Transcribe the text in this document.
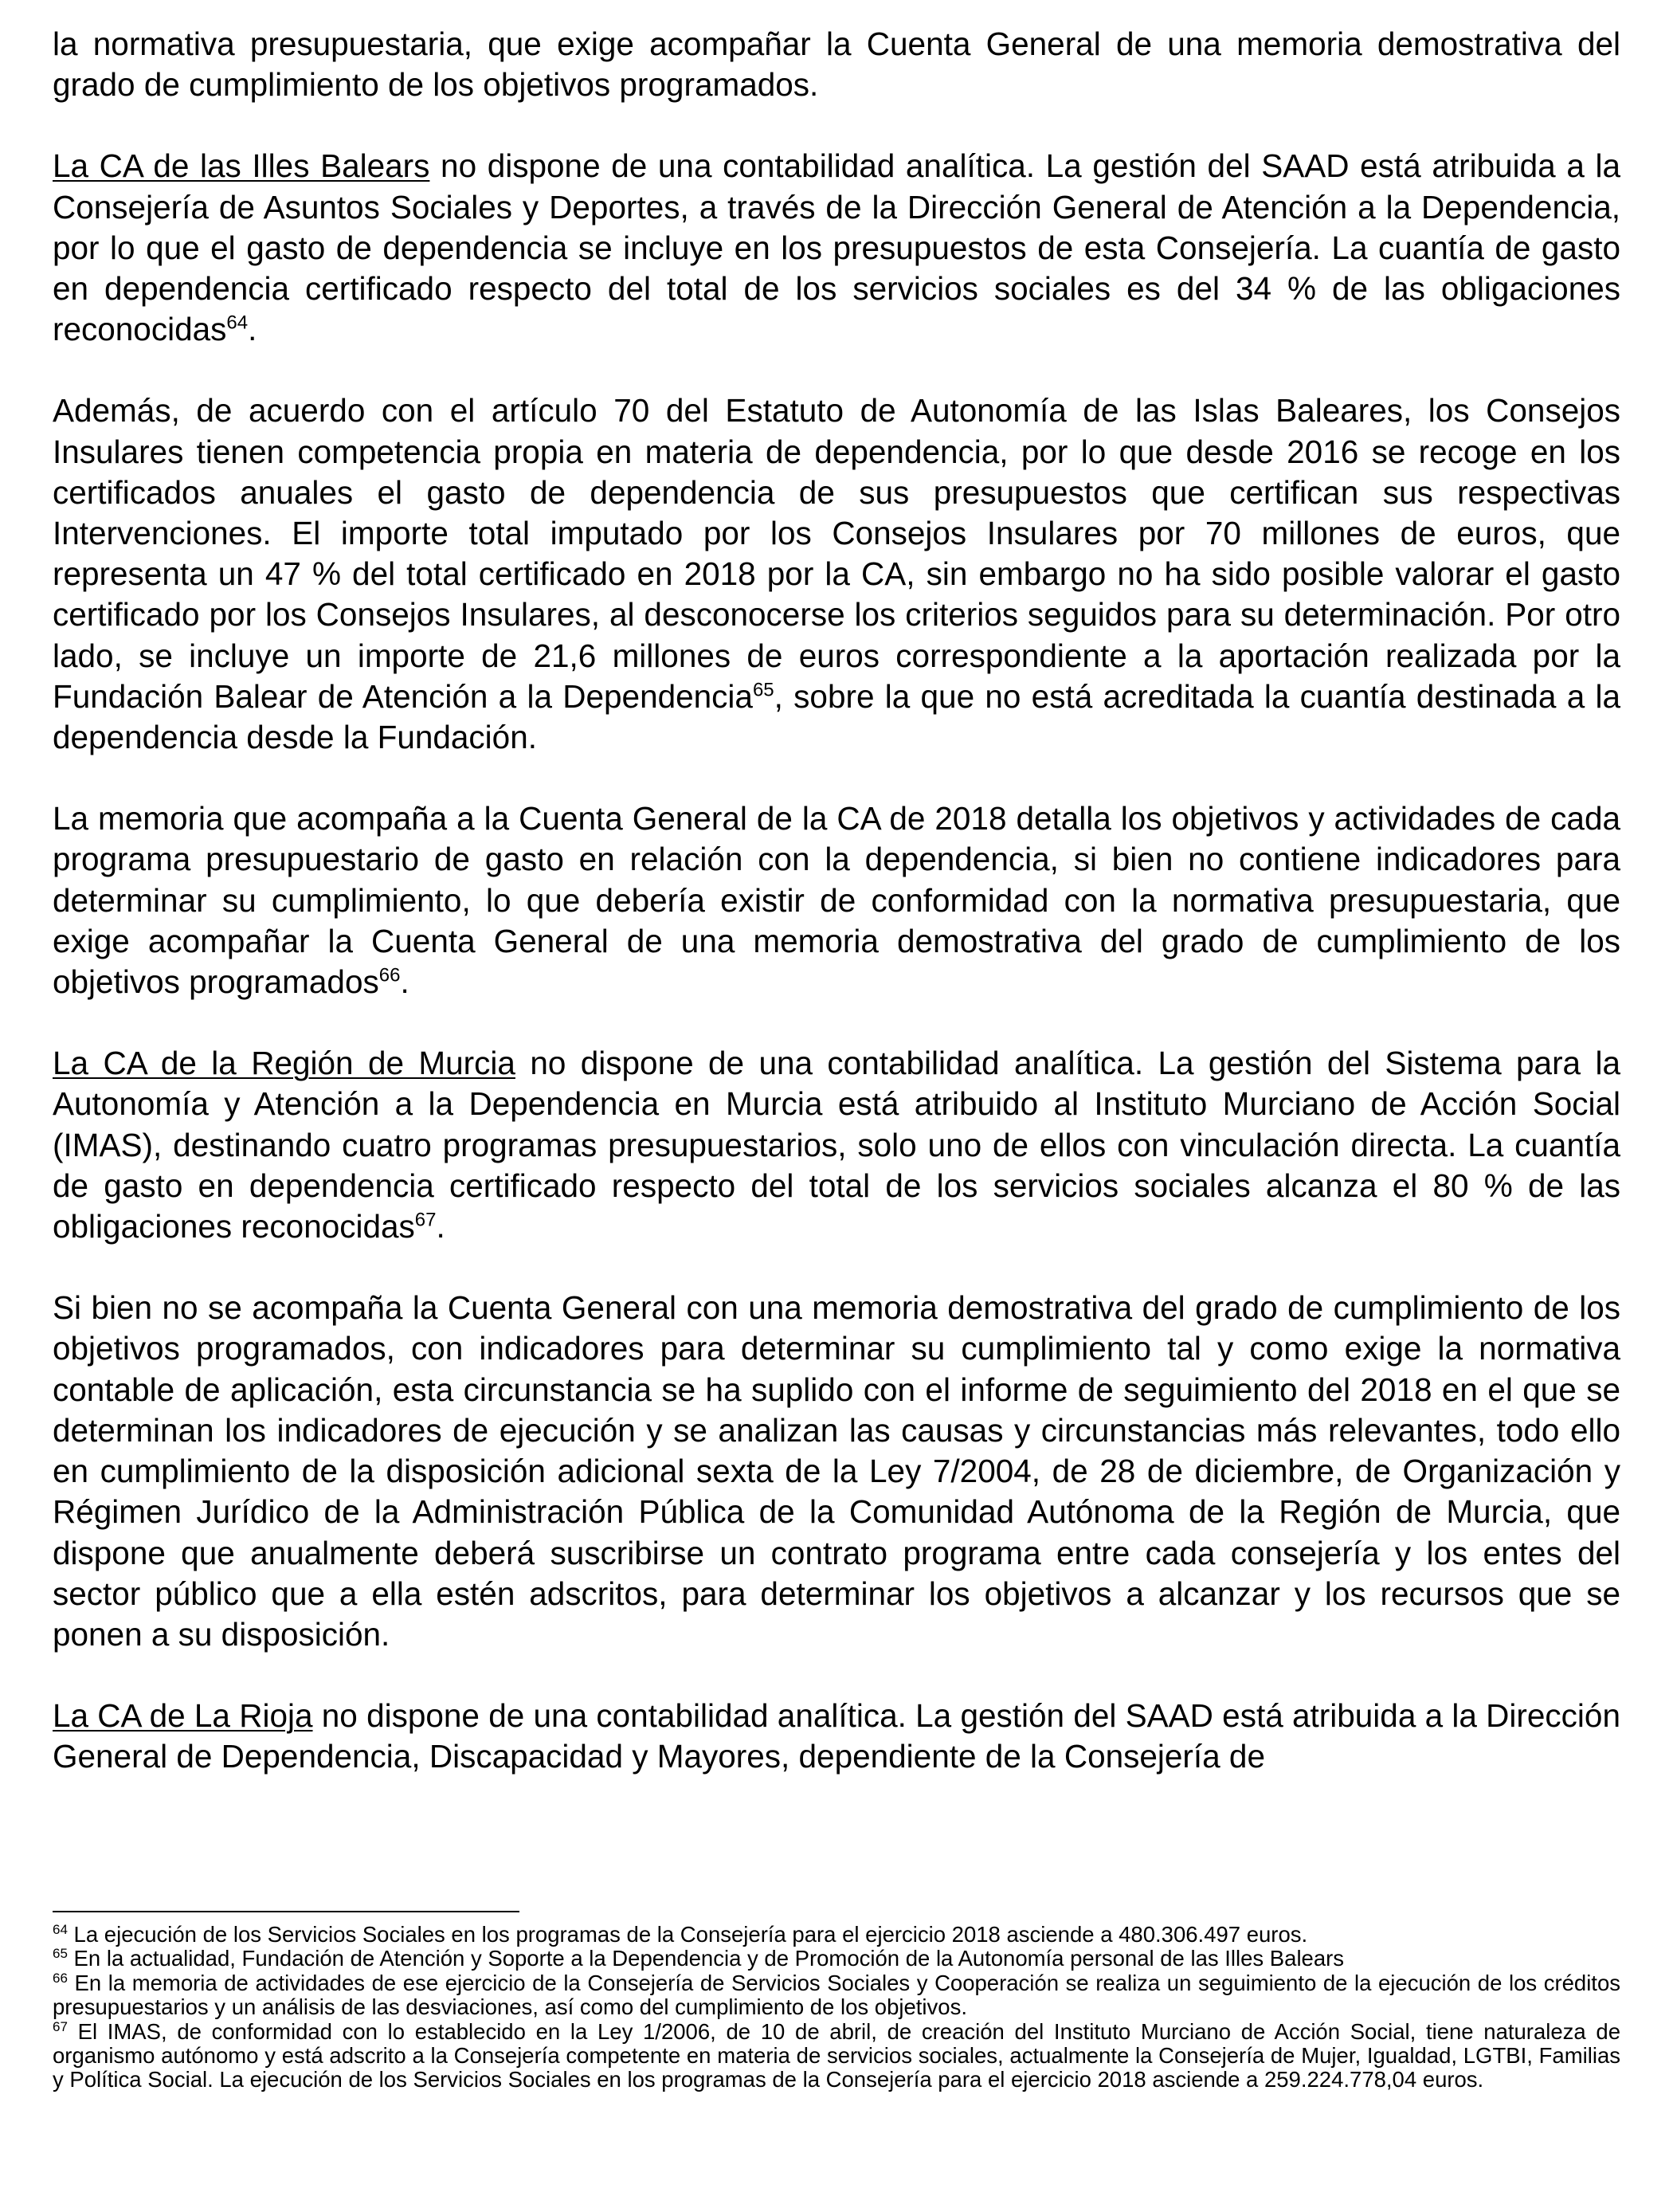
la normativa presupuestaria, que exige acompañar la Cuenta General de una memoria demostrativa del grado de cumplimiento de los objetivos programados.

La CA de las Illes Balears no dispone de una contabilidad analítica. La gestión del SAAD está atribuida a la Consejería de Asuntos Sociales y Deportes, a través de la Dirección General de Atención a la Dependencia, por lo que el gasto de dependencia se incluye en los presupuestos de esta Consejería. La cuantía de gasto en dependencia certificado respecto del total de los servicios sociales es del 34 % de las obligaciones reconocidas$^{64}$.

Además, de acuerdo con el artículo 70 del Estatuto de Autonomía de las Islas Baleares, los Consejos Insulares tienen competencia propia en materia de dependencia, por lo que desde 2016 se recoge en los certificados anuales el gasto de dependencia de sus presupuestos que certifican sus respectivas Intervenciones. El importe total imputado por los Consejos Insulares por 70 millones de euros, que representa un 47 % del total certificado en 2018 por la CA, sin embargo no ha sido posible valorar el gasto certificado por los Consejos Insulares, al desconocerse los criterios seguidos para su determinación. Por otro lado, se incluye un importe de 21,6 millones de euros correspondiente a la aportación realizada por la Fundación Balear de Atención a la Dependencia$^{65}$, sobre la que no está acreditada la cuantía destinada a la dependencia desde la Fundación.

La memoria que acompaña a la Cuenta General de la CA de 2018 detalla los objetivos y actividades de cada programa presupuestario de gasto en relación con la dependencia, si bien no contiene indicadores para determinar su cumplimiento, lo que debería existir de conformidad con la normativa presupuestaria, que exige acompañar la Cuenta General de una memoria demostrativa del grado de cumplimiento de los objetivos programados$^{66}$.

La CA de la Región de Murcia no dispone de una contabilidad analítica. La gestión del Sistema para la Autonomía y Atención a la Dependencia en Murcia está atribuido al Instituto Murciano de Acción Social (IMAS), destinando cuatro programas presupuestarios, solo uno de ellos con vinculación directa. La cuantía de gasto en dependencia certificado respecto del total de los servicios sociales alcanza el 80 % de las obligaciones reconocidas$^{67}$.

Si bien no se acompaña la Cuenta General con una memoria demostrativa del grado de cumplimiento de los objetivos programados, con indicadores para determinar su cumplimiento tal y como exige la normativa contable de aplicación, esta circunstancia se ha suplido con el informe de seguimiento del 2018 en el que se determinan los indicadores de ejecución y se analizan las causas y circunstancias más relevantes, todo ello en cumplimiento de la disposición adicional sexta de la Ley 7/2004, de 28 de diciembre, de Organización y Régimen Jurídico de la Administración Pública de la Comunidad Autónoma de la Región de Murcia, que dispone que anualmente deberá suscribirse un contrato programa entre cada consejería y los entes del sector público que a ella estén adscritos, para determinar los objetivos a alcanzar y los recursos que se ponen a su disposición.

La CA de La Rioja no dispone de una contabilidad analítica. La gestión del SAAD está atribuida a la Dirección General de Dependencia, Discapacidad y Mayores, dependiente de la Consejería de

$^{64}$ La ejecución de los Servicios Sociales en los programas de la Consejería para el ejercicio 2018 asciende a 480.306.497 euros.

$^{65}$ En la actualidad, Fundación de Atención y Soporte a la Dependencia y de Promoción de la Autonomía personal de las Illes Balears

$^{66}$ En la memoria de actividades de ese ejercicio de la Consejería de Servicios Sociales y Cooperación se realiza un seguimiento de la ejecución de los créditos presupuestarios y un análisis de las desviaciones, así como del cumplimiento de los objetivos.

$^{67}$ El IMAS, de conformidad con lo establecido en la Ley 1/2006, de 10 de abril, de creación del Instituto Murciano de Acción Social, tiene naturaleza de organismo autónomo y está adscrito a la Consejería competente en materia de servicios sociales, actualmente la Consejería de Mujer, Igualdad, LGTBI, Familias y Política Social. La ejecución de los Servicios Sociales en los programas de la Consejería para el ejercicio 2018 asciende a 259.224.778,04 euros.
